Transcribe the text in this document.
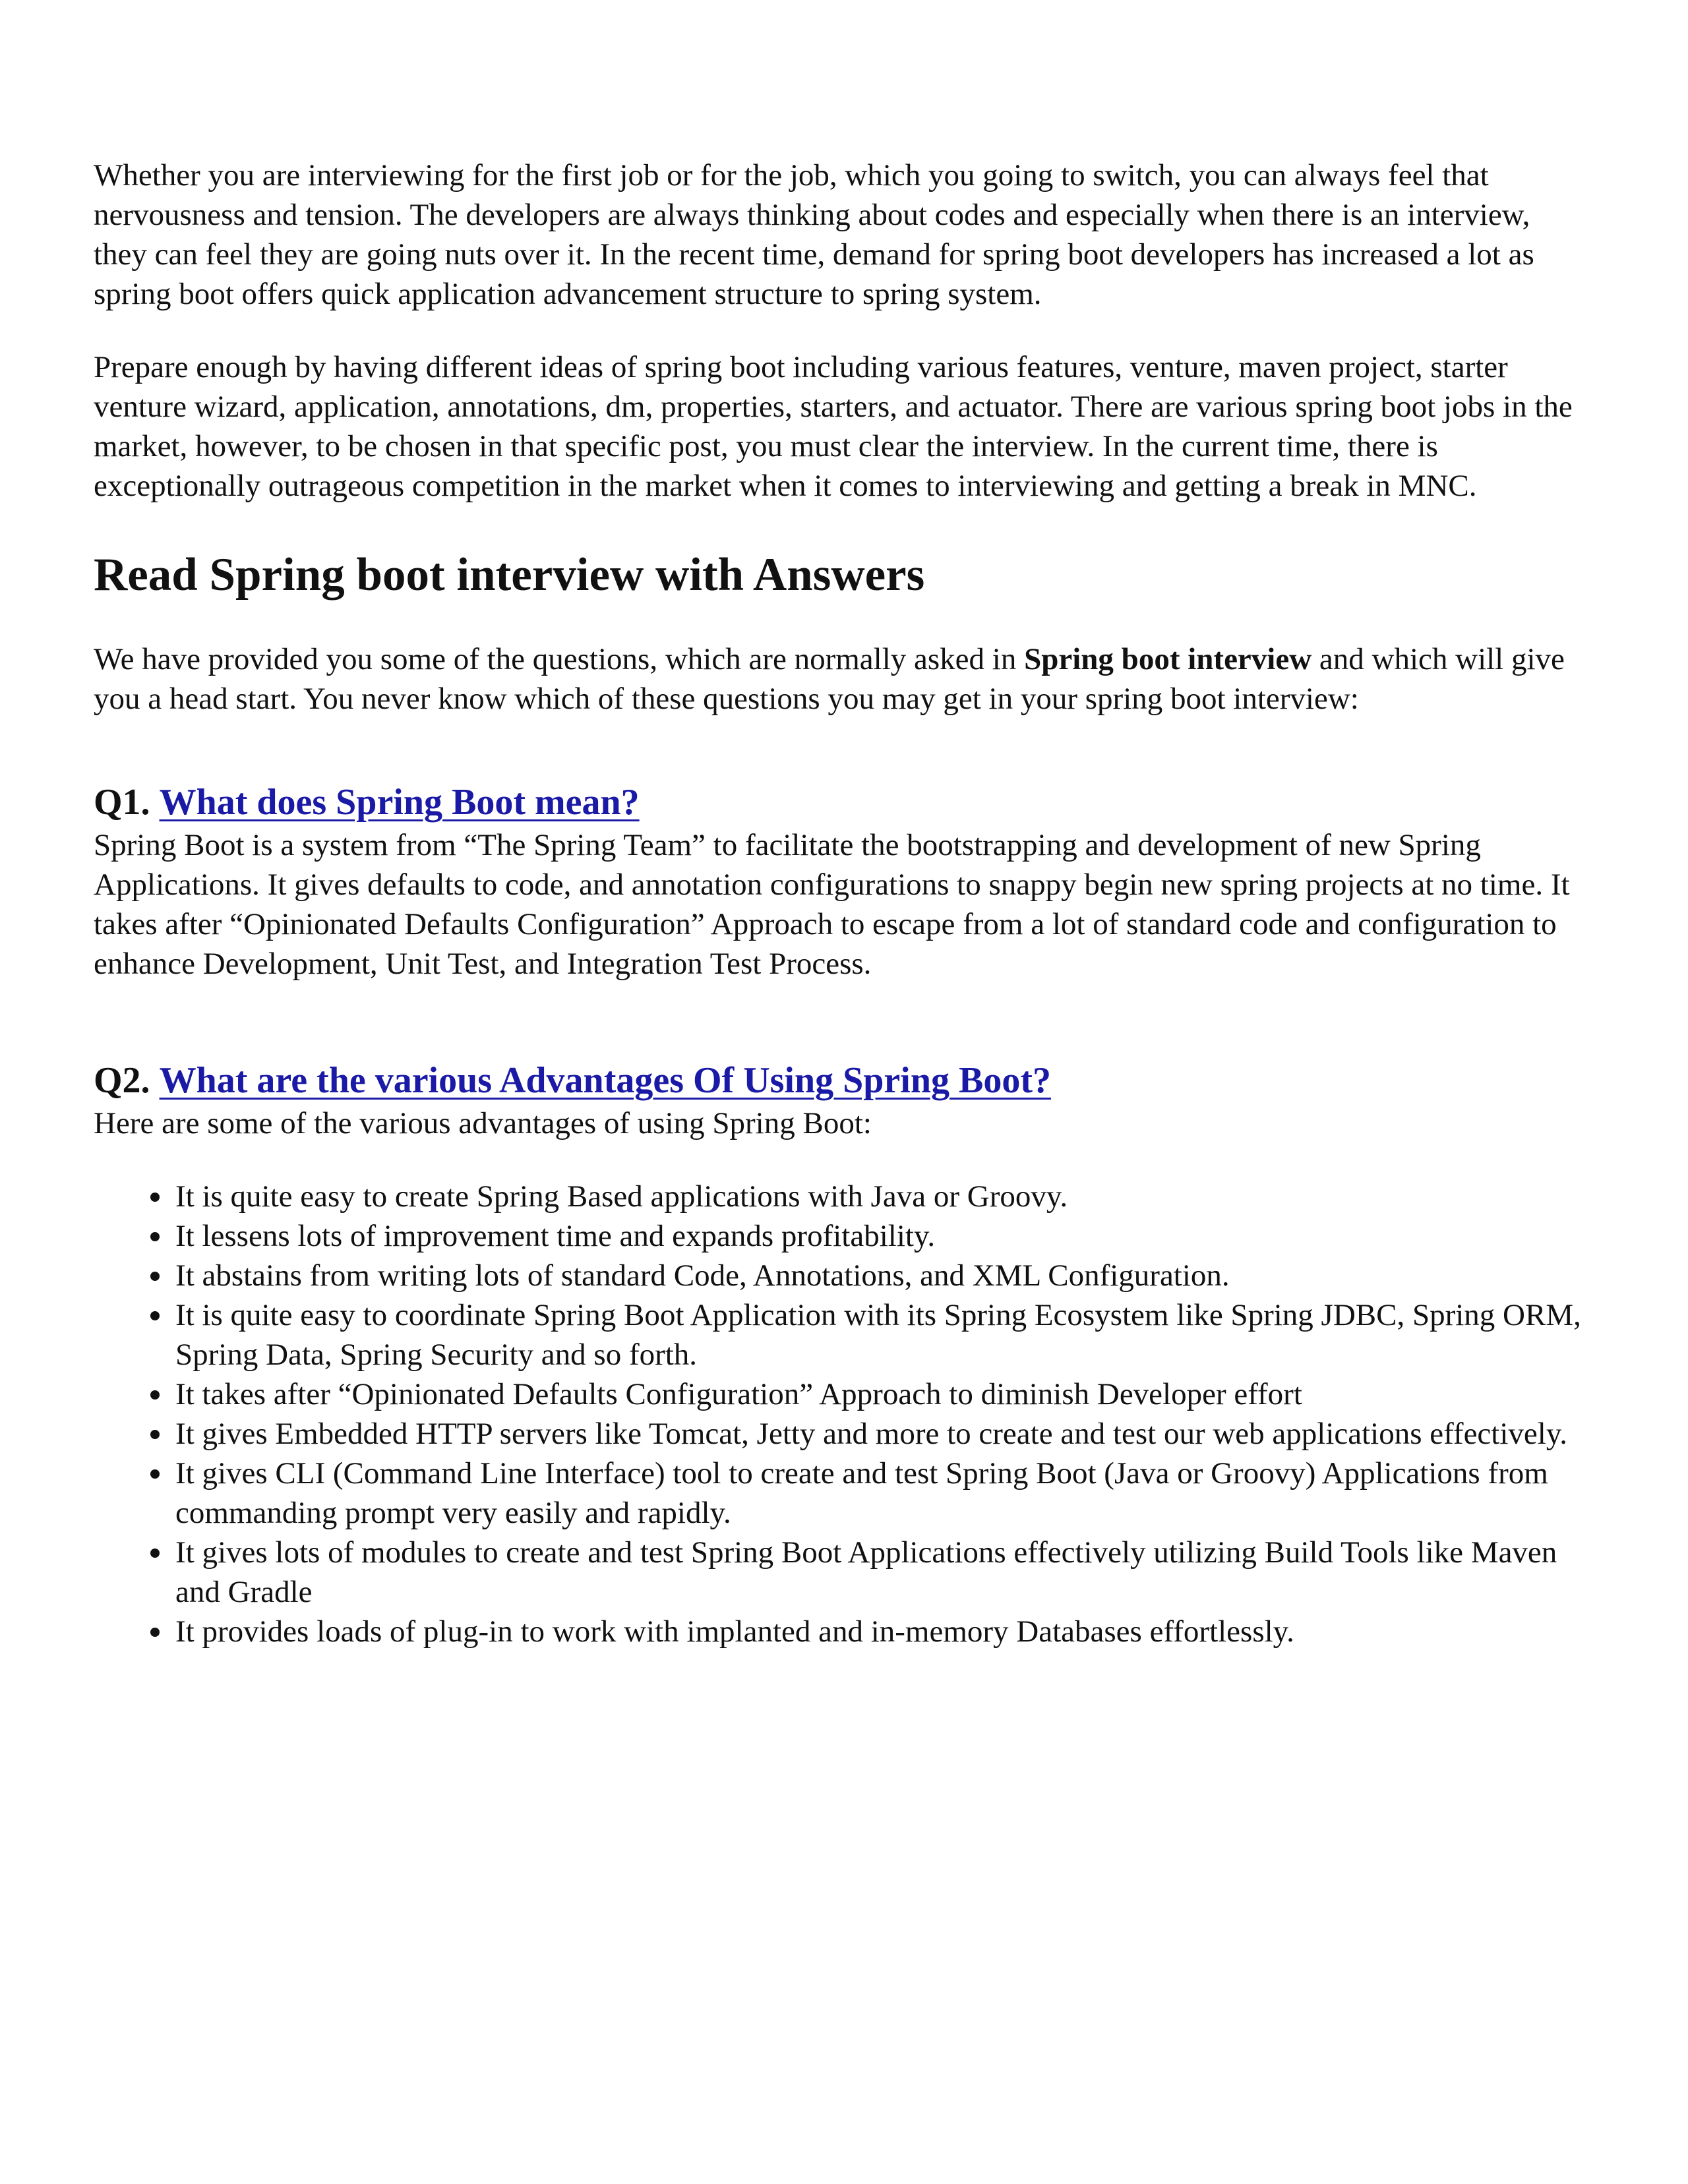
Whether you are interviewing for the first job or for the job, which you going to switch, you can always feel that nervousness and tension. The developers are always thinking about codes and especially when there is an interview, they can feel they are going nuts over it. In the recent time, demand for spring boot developers has increased a lot as spring boot offers quick application advancement structure to spring system.

Prepare enough by having different ideas of spring boot including various features, venture, maven project, starter venture wizard, application, annotations, dm, properties, starters, and actuator. There are various spring boot jobs in the market, however, to be chosen in that specific post, you must clear the interview. In the current time, there is exceptionally outrageous competition in the market when it comes to interviewing and getting a break in MNC.

Read Spring boot interview with Answers

We have provided you some of the questions, which are normally asked in Spring boot interview and which will give you a head start. You never know which of these questions you may get in your spring boot interview:

Q1. What does Spring Boot mean?

Spring Boot is a system from “The Spring Team” to facilitate the bootstrapping and development of new Spring Applications. It gives defaults to code, and annotation configurations to snappy begin new spring projects at no time. It takes after “Opinionated Defaults Configuration” Approach to escape from a lot of standard code and configuration to enhance Development, Unit Test, and Integration Test Process.

Q2. What are the various Advantages Of Using Spring Boot?

Here are some of the various advantages of using Spring Boot:

It is quite easy to create Spring Based applications with Java or Groovy.
It lessens lots of improvement time and expands profitability.
It abstains from writing lots of standard Code, Annotations, and XML Configuration.
It is quite easy to coordinate Spring Boot Application with its Spring Ecosystem like Spring JDBC, Spring ORM, Spring Data, Spring Security and so forth.
It takes after “Opinionated Defaults Configuration” Approach to diminish Developer effort
It gives Embedded HTTP servers like Tomcat, Jetty and more to create and test our web applications effectively.
It gives CLI (Command Line Interface) tool to create and test Spring Boot (Java or Groovy) Applications from commanding prompt very easily and rapidly.
It gives lots of modules to create and test Spring Boot Applications effectively utilizing Build Tools like Maven and Gradle
It provides loads of plug-in to work with implanted and in-memory Databases effortlessly.
